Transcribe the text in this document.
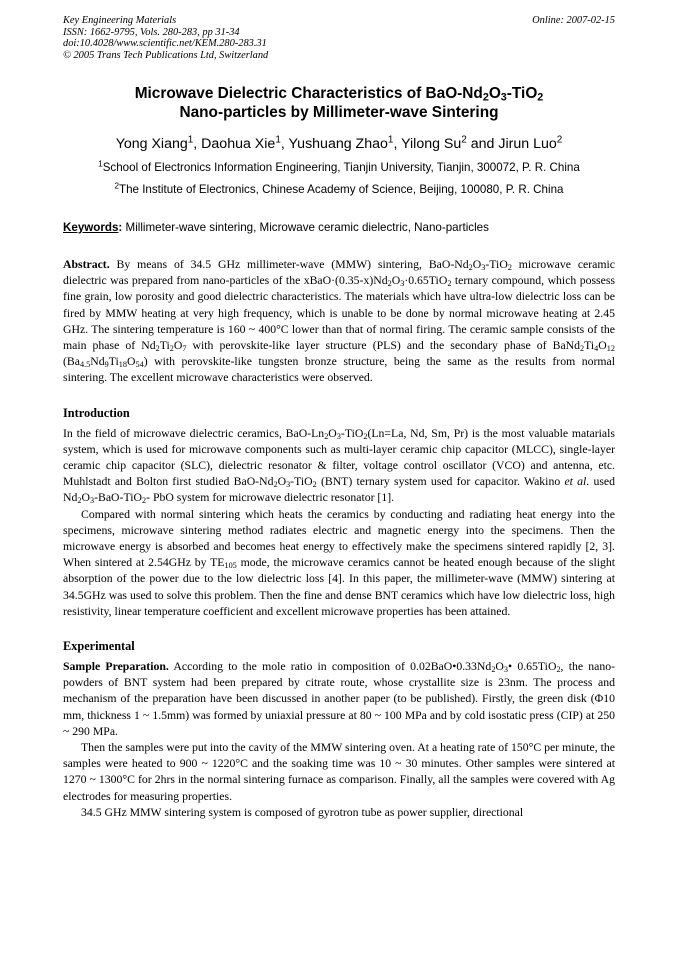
Key Engineering Materials
ISSN: 1662-9795, Vols. 280-283, pp 31-34
doi:10.4028/www.scientific.net/KEM.280-283.31
© 2005 Trans Tech Publications Ltd, Switzerland
Online: 2007-02-15
Microwave Dielectric Characteristics of BaO-$Nd_2O_3-TiO_2$
Nano-particles by Millimeter-wave Sintering
Yong Xiang$^1$, Daohua Xie$^1$, Yushuang Zhao$^1$, Yilong Su$^2$ and Jirun Luo$^2$
$^1$School of Electronics Information Engineering, Tianjin University, Tianjin, 300072, P. R. China
$^2$The Institute of Electronics, Chinese Academy of Science, Beijing, 100080, P. R. China
Keywords: Millimeter-wave sintering, Microwave ceramic dielectric, Nano-particles

Abstract. By means of 34.5 GHz millimeter-wave (MMW) sintering, BaO-$Nd_2O_3-TiO_2$ microwave ceramic dielectric was prepared from nano-particles of the $xBaO\cdot(0.35-x)Nd_2O_3\cdot 0.65TiO_2$ ternary compound, which possess fine grain, low porosity and good dielectric characteristics. The materials which have ultra-low dielectric loss can be fired by MMW heating at very high frequency, which is unable to be done by normal microwave heating at 2.45 GHz. The sintering temperature is 160 ~ 400°C lower than that of normal firing. The ceramic sample consists of the main phase of $Nd_2Ti_2O_7$ with perovskite-like layer structure (PLS) and the secondary phase of $BaNd_2Ti_4O_{12}$ $(Ba_{4.5}Nd_9Ti_{18}O_{54})$ with perovskite-like tungsten bronze structure, being the same as the results from normal sintering. The excellent microwave characteristics were observed.

Introduction

In the field of microwave dielectric ceramics, BaO-$Ln_2O_3-TiO_2(Ln=La$, Nd, Sm, Pr) is the most valuable matarials system, which is used for microwave components such as multi-layer ceramic chip capacitor (MLCC), single-layer ceramic chip capacitor (SLC), dielectric resonator & filter, voltage control oscillator (VCO) and antenna, etc. Muhlstadt and Bolton first studied BaO-$Nd_2O_3-TiO_2$ (BNT) ternary system used for capacitor. Wakino et al. used $Nd_2O_3-BaO-TiO_2-$ PbO system for microwave dielectric resonator [1].

Compared with normal sintering which heats the ceramics by conducting and radiating heat energy into the specimens, microwave sintering method radiates electric and magnetic energy into the specimens. Then the microwave energy is absorbed and becomes heat energy to effectively make the specimens sintered rapidly [2, 3]. When sintered at 2.54GHz by $TE_{105}$ mode, the microwave ceramics cannot be heated enough because of the slight absorption of the power due to the low dielectric loss [4]. In this paper, the millimeter-wave (MMW) sintering at 34.5GHz was used to solve this problem. Then the fine and dense BNT ceramics which have low dielectric loss, high resistivity, linear temperature coefficient and excellent microwave properties has been attained.

Experimental

Sample Preparation. According to the mole ratio in composition of $0.02BaO•0.33Nd_2O_3•$ 0.65TiO$_2$, the nano-powders of BNT system had been prepared by citrate route, whose crystallite size is 23nm. The process and mechanism of the preparation have been discussed in another paper (to be published). Firstly, the green disk (Φ10 mm, thickness 1 ~ 1.5mm) was formed by uniaxial pressure at 80 ~ 100 MPa and by cold isostatic press (CIP) at 250 ~ 290 MPa.

Then the samples were put into the cavity of the MMW sintering oven. At a heating rate of 150°C per minute, the samples were heated to 900 ~ 1220°C and the soaking time was 10 ~ 30 minutes. Other samples were sintered at 1270 ~ 1300°C for 2hrs in the normal sintering furnace as comparison. Finally, all the samples were covered with Ag electrodes for measuring properties.

34.5 GHz MMW sintering system is composed of gyrotron tube as power supplier, directional
